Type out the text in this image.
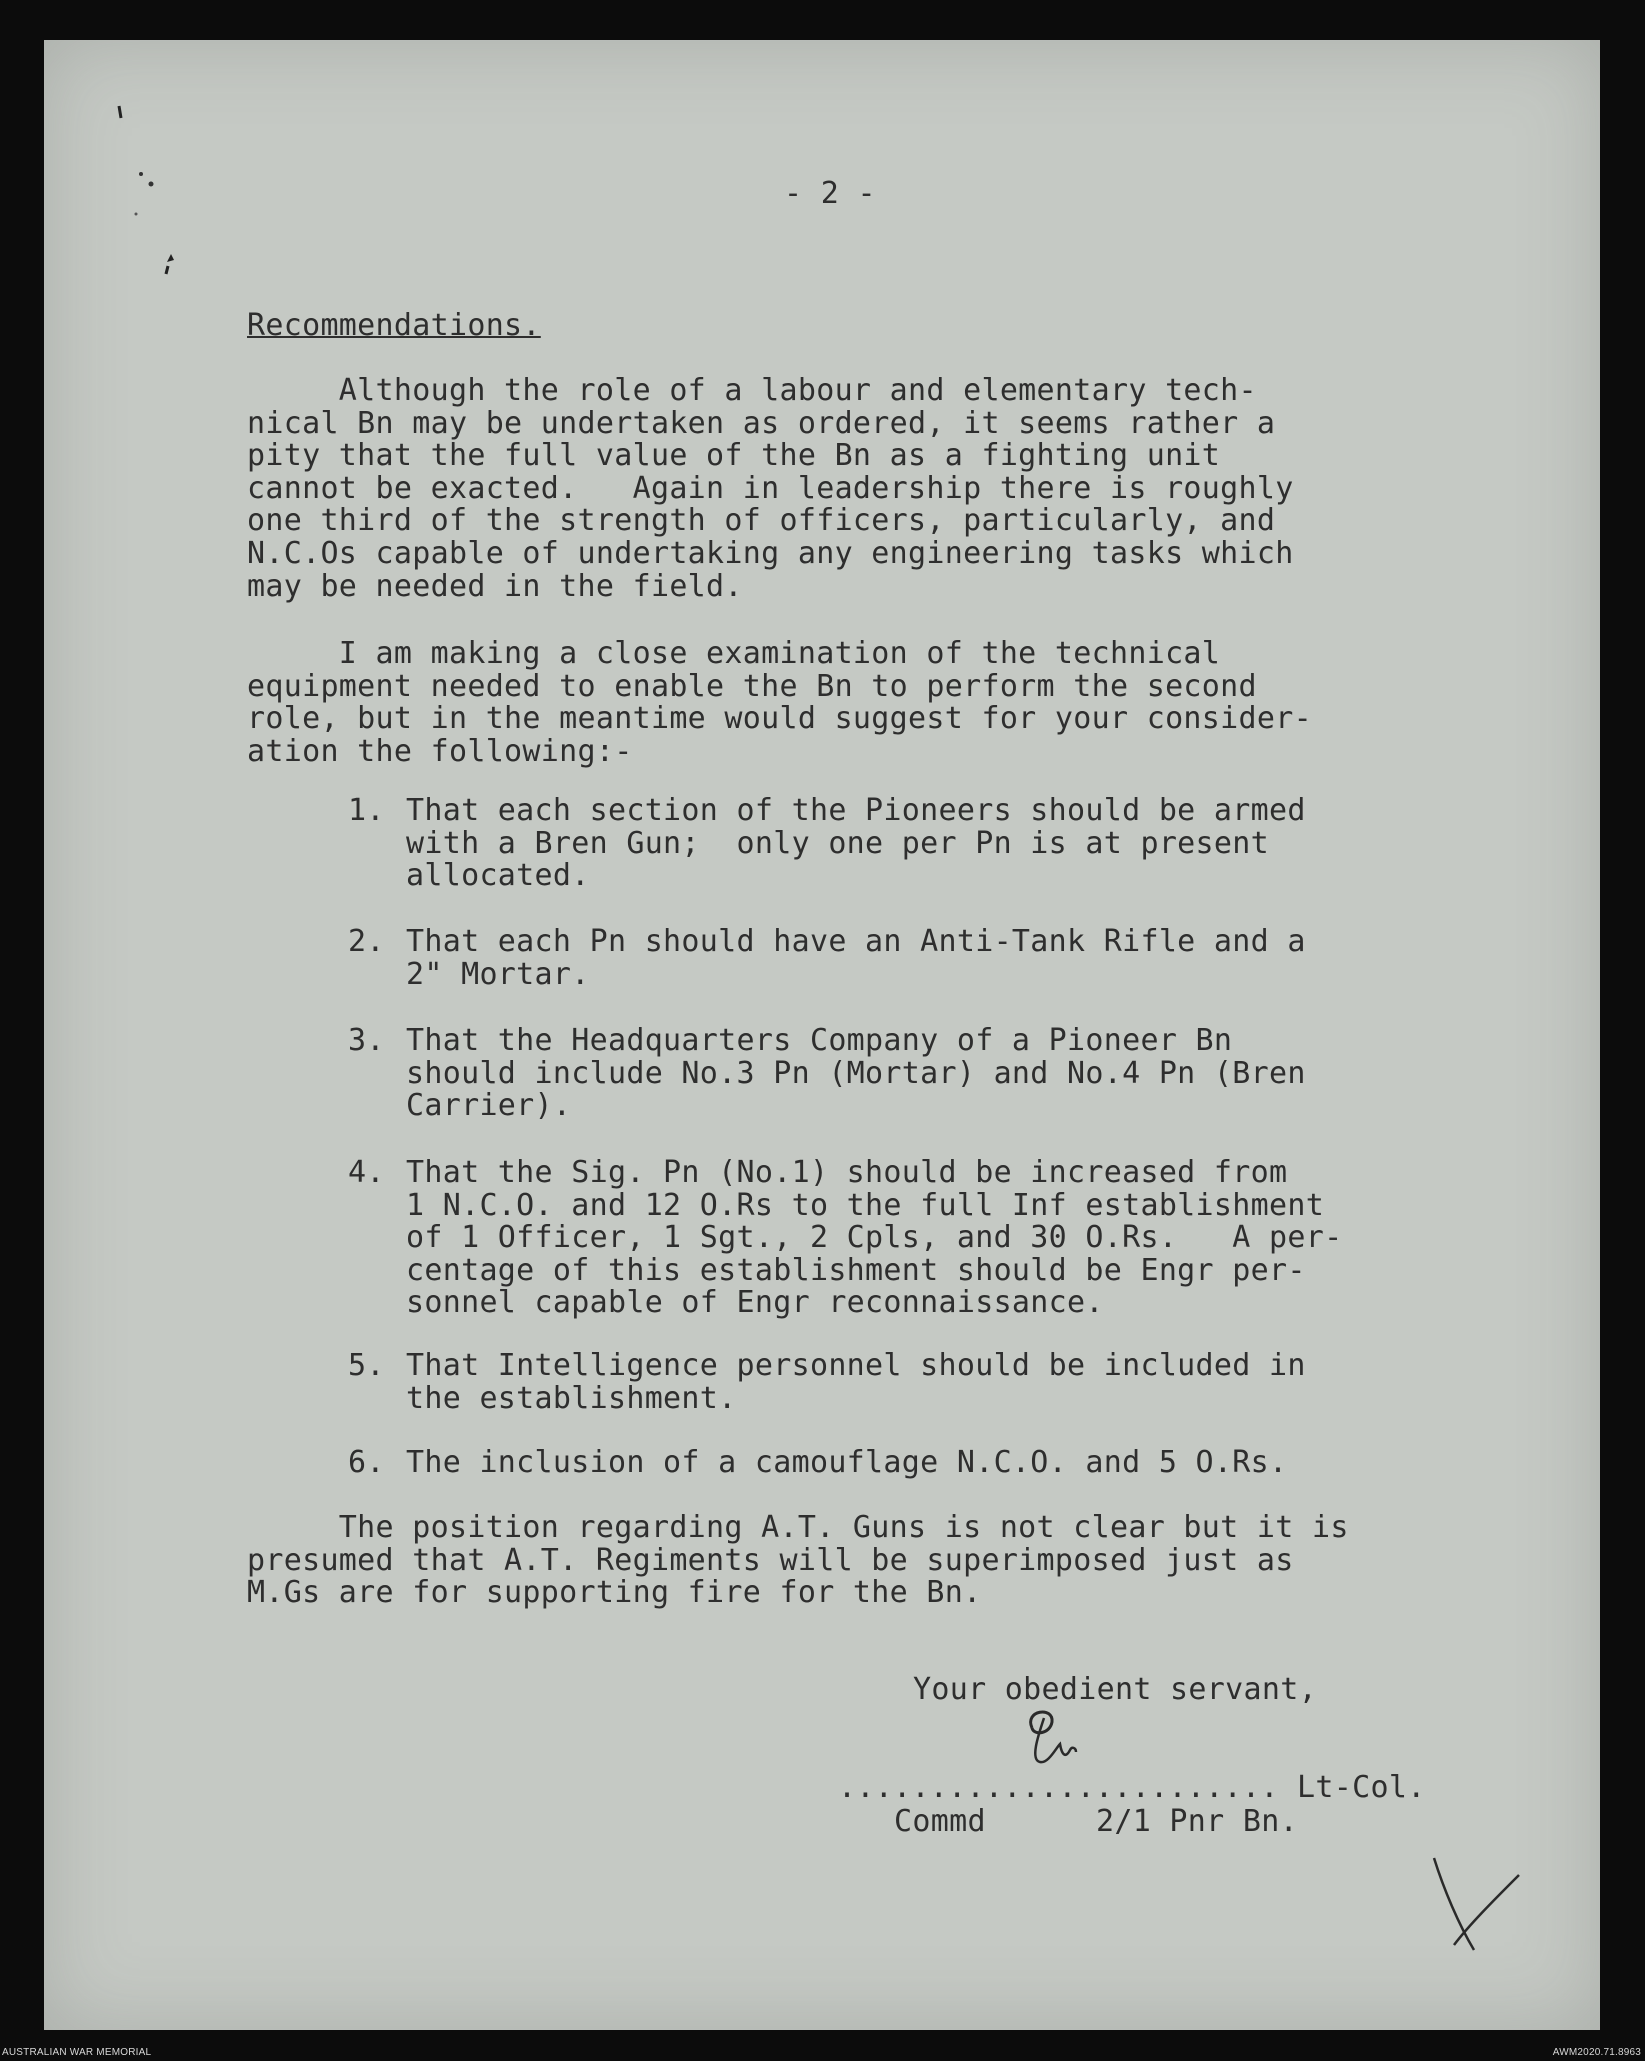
- 2 -
Recommendations.

Although the role of a labour and elementary tech-
nical Bn may be undertaken as ordered, it seems rather a
pity that the full value of the Bn as a fighting unit
cannot be exacted.   Again in leadership there is roughly
one third of the strength of officers, particularly, and
N.C.Os capable of undertaking any engineering tasks which
may be needed in the field.

I am making a close examination of the technical
equipment needed to enable the Bn to perform the second
role, but in the meantime would suggest for your consider-
ation the following:-

1.

That each section of the Pioneers should be armed
with a Bren Gun;  only one per Pn is at present
allocated.

2.

That each Pn should have an Anti-Tank Rifle and a
2" Mortar.

3.

That the Headquarters Company of a Pioneer Bn
should include No.3 Pn (Mortar) and No.4 Pn (Bren
Carrier).

4.

That the Sig. Pn (No.1) should be increased from
1 N.C.O. and 12 O.Rs to the full Inf establishment
of 1 Officer, 1 Sgt., 2 Cpls, and 30 O.Rs.   A per-
centage of this establishment should be Engr per-
sonnel capable of Engr reconnaissance.

5.

That Intelligence personnel should be included in
the establishment.

6.

The inclusion of a camouflage N.C.O. and 5 O.Rs.

The position regarding A.T. Guns is not clear but it is
presumed that A.T. Regiments will be superimposed just as
M.Gs are for supporting fire for the Bn.

Your obedient servant,
........................ Lt-Col.
Commd      2/1 Pnr Bn.
AUSTRALIAN WAR MEMORIAL	AWM2020.71.8963
